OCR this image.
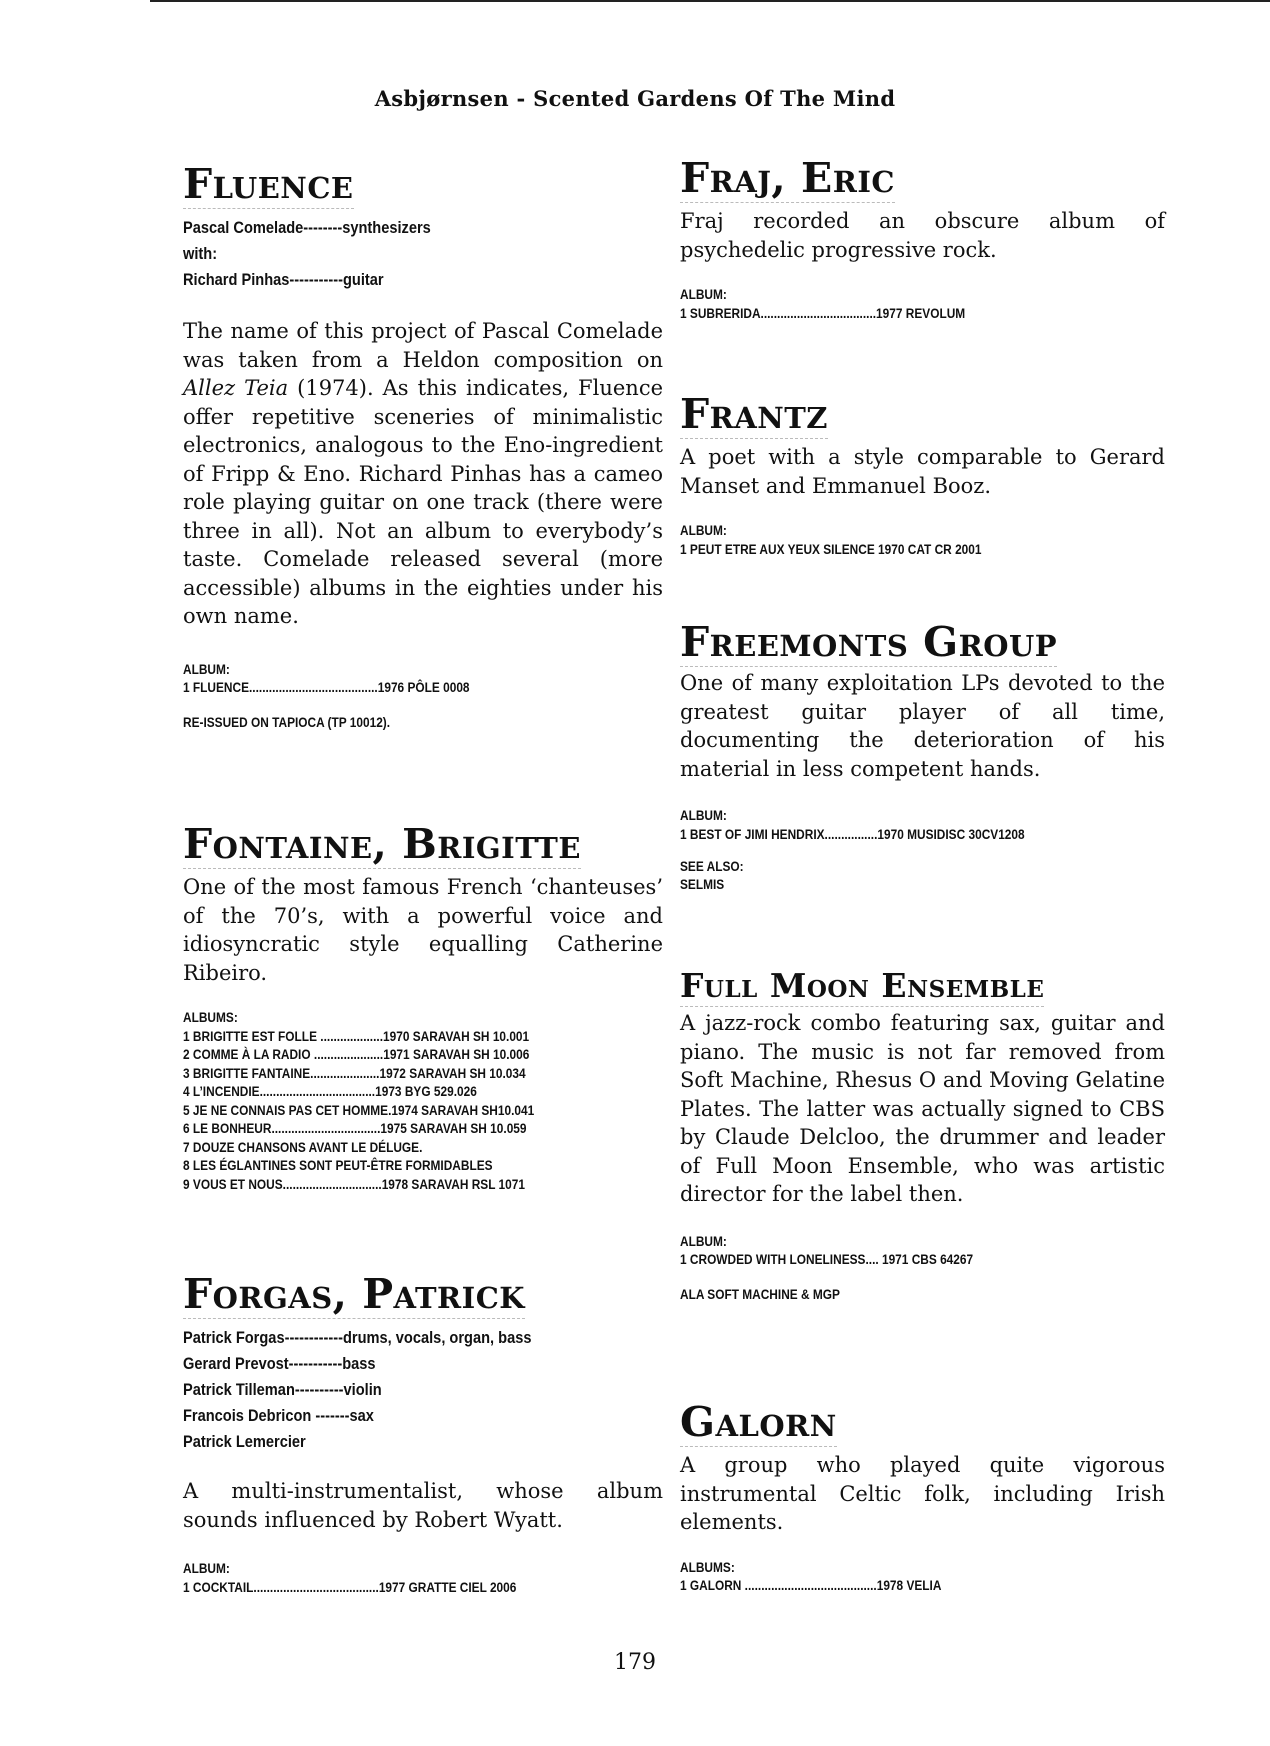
Asbjørnsen - Scented Gardens Of The Mind
Fluence
Pascal Comelade--------synthesizers
with:
Richard Pinhas-----------guitar

The name of this project of Pascal Comelade was taken from a Heldon composition on Allez Teia (1974). As this indicates, Fluence offer repetitive sceneries of minimalistic electronics, analogous to the Eno-ingredient of Fripp & Eno. Richard Pinhas has a cameo role playing guitar on one track (there were three in all). Not an album to everybody’s taste. Comelade released several (more accessible) albums in the eighties under his own name.

ALBUM:
1 FLUENCE.......................................1976 PÔLE 0008
RE-ISSUED ON TAPIOCA (TP 10012).
Fontaine, Brigitte

One of the most famous French ‘chanteuses’ of the 70’s, with a powerful voice and idiosyncratic style equalling Catherine Ribeiro.

ALBUMS:
1 BRIGITTE EST FOLLE ...................1970 SARAVAH SH 10.001
2 COMME À LA RADIO .....................1971 SARAVAH SH 10.006
3 BRIGITTE FANTAINE.....................1972 SARAVAH SH 10.034
4 L’INCENDIE...................................1973 BYG 529.026
5 JE NE CONNAIS PAS CET HOMME.1974 SARAVAH SH10.041
6 LE BONHEUR.................................1975 SARAVAH SH 10.059
7 DOUZE CHANSONS AVANT LE DÉLUGE.
8 LES ÉGLANTINES SONT PEUT-ÊTRE FORMIDABLES
9 VOUS ET NOUS..............................1978 SARAVAH RSL 1071
Forgas, Patrick
Patrick Forgas------------drums, vocals, organ, bass
Gerard Prevost-----------bass
Patrick Tilleman----------violin
Francois Debricon -------sax
Patrick Lemercier

A multi-instrumentalist, whose album sounds influenced by Robert Wyatt.

ALBUM:
1 COCKTAIL......................................1977 GRATTE CIEL 2006
Fraj, Eric

Fraj recorded an obscure album of psychedelic progressive rock.

ALBUM:
1 SUBRERIDA...................................1977 REVOLUM
Frantz

A poet with a style comparable to Gerard Manset and Emmanuel Booz.

ALBUM:
1 PEUT ETRE AUX YEUX SILENCE 1970 CAT CR 2001
Freemonts Group

One of many exploitation LPs devoted to the greatest guitar player of all time, documenting the deterioration of his material in less competent hands.

ALBUM:
1 BEST OF JIMI HENDRIX................1970 MUSIDISC 30CV1208
SEE ALSO:
SELMIS
Full Moon Ensemble

A jazz-rock combo featuring sax, guitar and piano. The music is not far removed from Soft Machine, Rhesus O and Moving Gelatine Plates. The latter was actually signed to CBS by Claude Delcloo, the drummer and leader of Full Moon Ensemble, who was artistic director for the label then.

ALBUM:
1 CROWDED WITH LONELINESS.... 1971 CBS 64267
ALA SOFT MACHINE & MGP
Galorn

A group who played quite vigorous instrumental Celtic folk, including Irish elements.

ALBUMS:
1 GALORN ........................................1978 VELIA
179
